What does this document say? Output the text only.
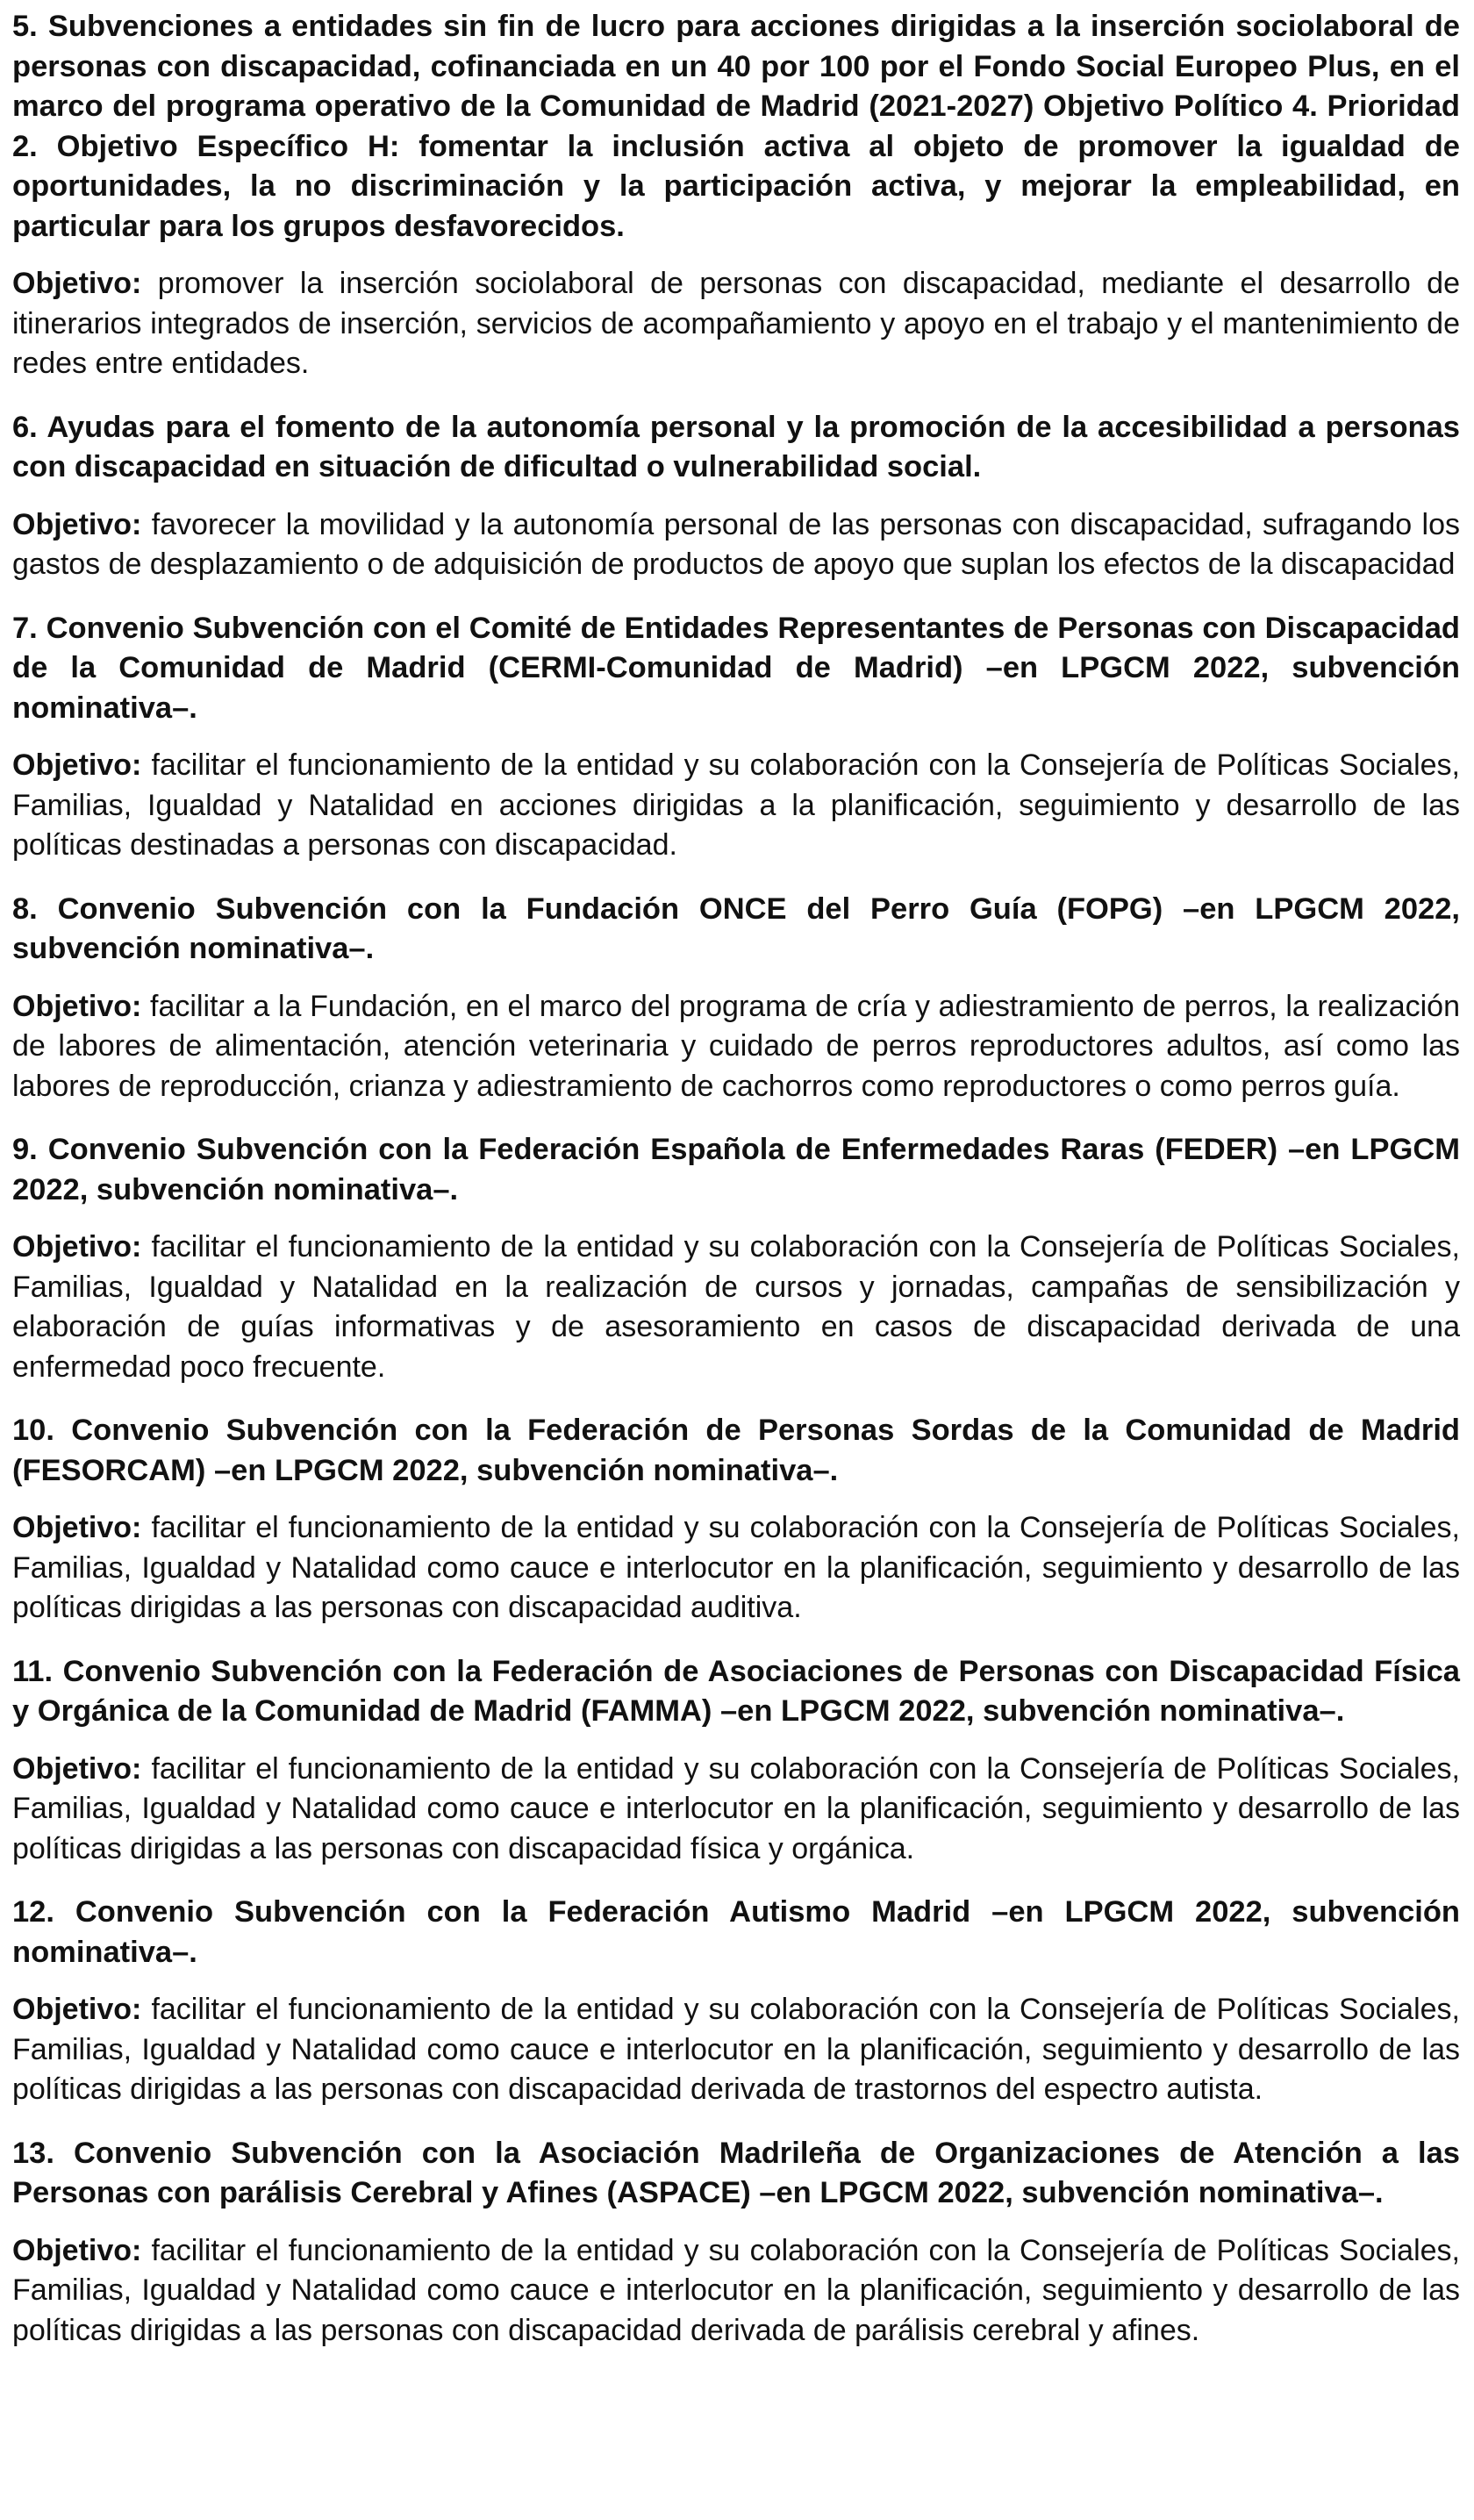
5. Subvenciones a entidades sin fin de lucro para acciones dirigidas a la inserción sociolaboral de personas con discapacidad, cofinanciada en un 40 por 100 por el Fondo Social Europeo Plus, en el marco del programa operativo de la Comunidad de Madrid (2021-2027) Objetivo Político 4. Prioridad 2. Objetivo Específico H: fomentar la inclusión activa al objeto de promover la igualdad de oportunidades, la no discriminación y la participación activa, y mejorar la empleabilidad, en particular para los grupos desfavorecidos.

Objetivo: promover la inserción sociolaboral de personas con discapacidad, mediante el desarrollo de itinerarios integrados de inserción, servicios de acompañamiento y apoyo en el trabajo y el mantenimiento de redes entre entidades.

6. Ayudas para el fomento de la autonomía personal y la promoción de la accesibilidad a personas con discapacidad en situación de dificultad o vulnerabilidad social.

Objetivo: favorecer la movilidad y la autonomía personal de las personas con discapacidad, sufragando los gastos de desplazamiento o de adquisición de productos de apoyo que suplan los efectos de la discapacidad

7. Convenio Subvención con el Comité de Entidades Representantes de Personas con Discapacidad de la Comunidad de Madrid (CERMI-Comunidad de Madrid) –en LPGCM 2022, subvención nominativa–.

Objetivo: facilitar el funcionamiento de la entidad y su colaboración con la Consejería de Políticas Sociales, Familias, Igualdad y Natalidad en acciones dirigidas a la planificación, seguimiento y desarrollo de las políticas destinadas a personas con discapacidad.

8. Convenio Subvención con la Fundación ONCE del Perro Guía (FOPG) –en LPGCM 2022, subvención nominativa–.

Objetivo: facilitar a la Fundación, en el marco del programa de cría y adiestramiento de perros, la realización de labores de alimentación, atención veterinaria y cuidado de perros reproductores adultos, así como las labores de reproducción, crianza y adiestramiento de cachorros como reproductores o como perros guía.

9. Convenio Subvención con la Federación Española de Enfermedades Raras (FEDER) –en LPGCM 2022, subvención nominativa–.

Objetivo: facilitar el funcionamiento de la entidad y su colaboración con la Consejería de Políticas Sociales, Familias, Igualdad y Natalidad en la realización de cursos y jornadas, campañas de sensibilización y elaboración de guías informativas y de asesoramiento en casos de discapacidad derivada de una enfermedad poco frecuente.

10. Convenio Subvención con la Federación de Personas Sordas de la Comunidad de Madrid (FESORCAM) –en LPGCM 2022, subvención nominativa–.

Objetivo: facilitar el funcionamiento de la entidad y su colaboración con la Consejería de Políticas Sociales, Familias, Igualdad y Natalidad como cauce e interlocutor en la planificación, seguimiento y desarrollo de las políticas dirigidas a las personas con discapacidad auditiva.

11. Convenio Subvención con la Federación de Asociaciones de Personas con Discapacidad Física y Orgánica de la Comunidad de Madrid (FAMMA) –en LPGCM 2022, subvención nominativa–.

Objetivo: facilitar el funcionamiento de la entidad y su colaboración con la Consejería de Políticas Sociales, Familias, Igualdad y Natalidad como cauce e interlocutor en la planificación, seguimiento y desarrollo de las políticas dirigidas a las personas con discapacidad física y orgánica.

12. Convenio Subvención con la Federación Autismo Madrid –en LPGCM 2022, subvención nominativa–.

Objetivo: facilitar el funcionamiento de la entidad y su colaboración con la Consejería de Políticas Sociales, Familias, Igualdad y Natalidad como cauce e interlocutor en la planificación, seguimiento y desarrollo de las políticas dirigidas a las personas con discapacidad derivada de trastornos del espectro autista.

13. Convenio Subvención con la Asociación Madrileña de Organizaciones de Atención a las Personas con parálisis Cerebral y Afines (ASPACE) –en LPGCM 2022, subvención nominativa–.

Objetivo: facilitar el funcionamiento de la entidad y su colaboración con la Consejería de Políticas Sociales, Familias, Igualdad y Natalidad como cauce e interlocutor en la planificación, seguimiento y desarrollo de las políticas dirigidas a las personas con discapacidad derivada de parálisis cerebral y afines.
